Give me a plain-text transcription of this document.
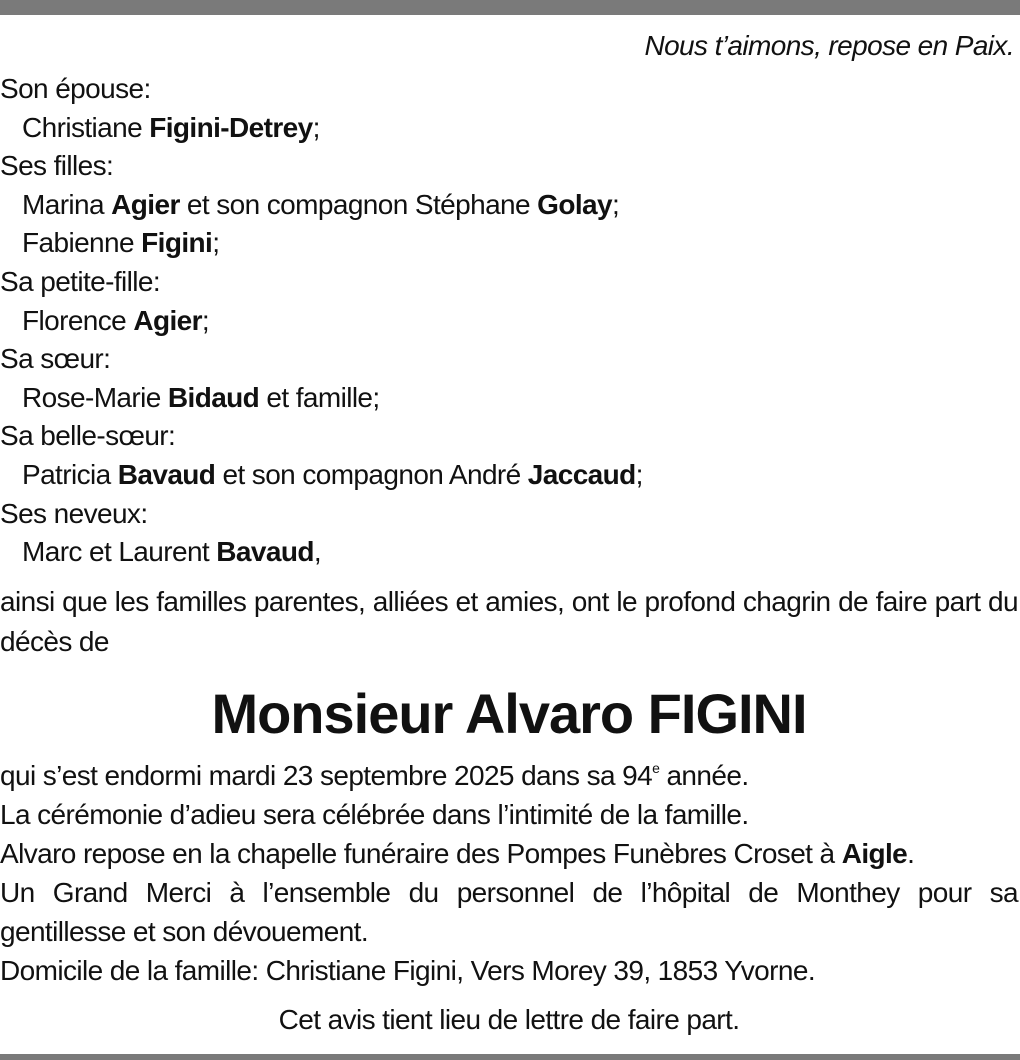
Nous t’aimons, repose en Paix.
Son épouse:
Christiane Figini-Detrey;
Ses filles:
Marina Agier et son compagnon Stéphane Golay;
Fabienne Figini;
Sa petite-fille:
Florence Agier;
Sa sœur:
Rose-Marie Bidaud et famille;
Sa belle-sœur:
Patricia Bavaud et son compagnon André Jaccaud;
Ses neveux:
Marc et Laurent Bavaud,
ainsi que les familles parentes, alliées et amies, ont le profond chagrin de faire part du décès de
Monsieur Alvaro FIGINI

qui s’est endormi mardi 23 septembre 2025 dans sa 94e année.

La cérémonie d’adieu sera célébrée dans l’intimité de la famille.

Alvaro repose en la chapelle funéraire des Pompes Funèbres Croset à Aigle.

Un Grand Merci à l’ensemble du personnel de l’hôpital de Monthey pour sa gentillesse et son dévouement.

Domicile de la famille: Christiane Figini, Vers Morey 39, 1853 Yvorne.

Cet avis tient lieu de lettre de faire part.
